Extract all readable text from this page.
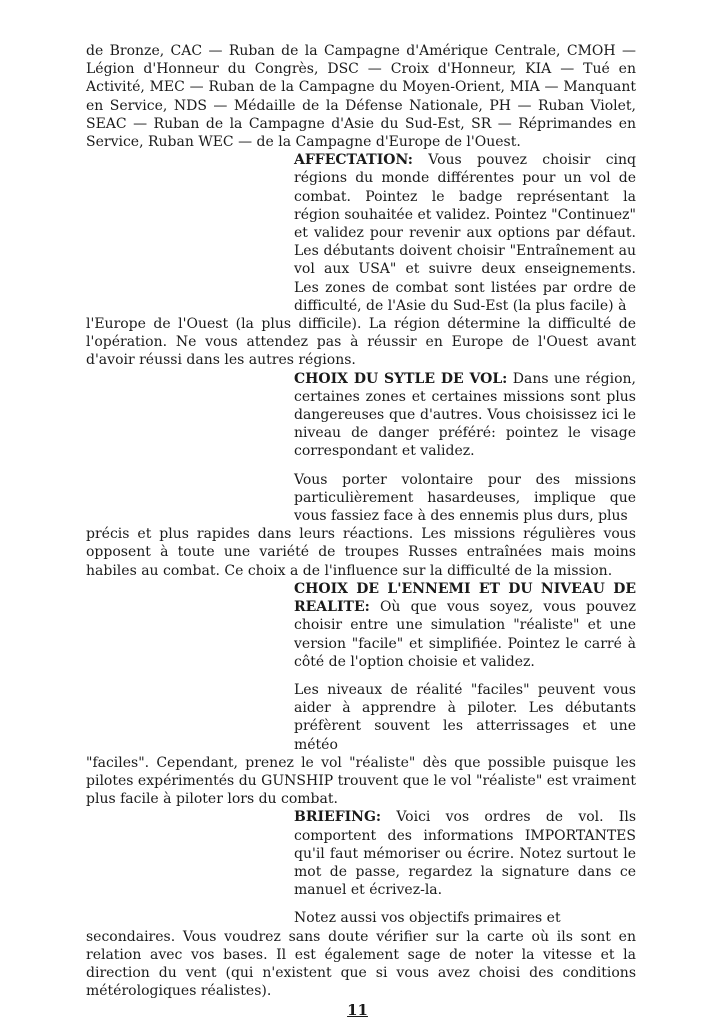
de Bronze, CAC — Ruban de la Campagne d'Amérique Centrale, CMOH — Légion d'Honneur du Congrès, DSC — Croix d'Honneur, KIA — Tué en Activité, MEC — Ruban de la Campagne du Moyen-Orient, MIA — Manquant en Service, NDS — Médaille de la Défense Nationale, PH — Ruban Violet, SEAC — Ruban de la Campagne d'Asie du Sud-Est, SR — Réprimandes en Service, Ruban WEC — de la Campagne d'Europe de l'Ouest.

AFFECTATION: Vous pouvez choisir cinq régions du monde différentes pour un vol de combat. Pointez le badge représentant la région souhaitée et validez. Pointez "Continuez" et validez pour revenir aux options par défaut. Les débutants doivent choisir "Entraînement au vol aux USA" et suivre deux enseignements. Les zones de combat sont listées par ordre de difficulté, de l'Asie du Sud-Est (la plus facile) à

l'Europe de l'Ouest (la plus difficile). La région détermine la difficulté de l'opération. Ne vous attendez pas à réussir en Europe de l'Ouest avant d'avoir réussi dans les autres régions.

CHOIX DU SYTLE DE VOL: Dans une région, certaines zones et certaines missions sont plus dangereuses que d'autres. Vous choisissez ici le niveau de danger préféré: pointez le visage correspondant et validez.

Vous porter volontaire pour des missions particulièrement hasardeuses, implique que vous fassiez face à des ennemis plus durs, plus

précis et plus rapides dans leurs réactions. Les missions régulières vous opposent à toute une variété de troupes Russes entraînées mais moins habiles au combat. Ce choix a de l'influence sur la difficulté de la mission.

CHOIX DE L'ENNEMI ET DU NIVEAU DE REALITE: Où que vous soyez, vous pouvez choisir entre une simulation "réaliste" et une version "facile" et simplifiée. Pointez le carré à côté de l'option choisie et validez.

Les niveaux de réalité "faciles" peuvent vous aider à apprendre à piloter. Les débutants préfèrent souvent les atterrissages et une météo

"faciles". Cependant, prenez le vol "réaliste" dès que possible puisque les pilotes expérimentés du GUNSHIP trouvent que le vol "réaliste" est vraiment plus facile à piloter lors du combat.

BRIEFING: Voici vos ordres de vol. Ils comportent des informations IMPORTANTES qu'il faut mémoriser ou écrire. Notez surtout le mot de passe, regardez la signature dans ce manuel et écrivez-la.

Notez aussi vos objectifs primaires et

secondaires. Vous voudrez sans doute vérifier sur la carte où ils sont en relation avec vos bases. Il est également sage de noter la vitesse et la direction du vent (qui n'existent que si vous avez choisi des conditions métérologiques réalistes).

11
